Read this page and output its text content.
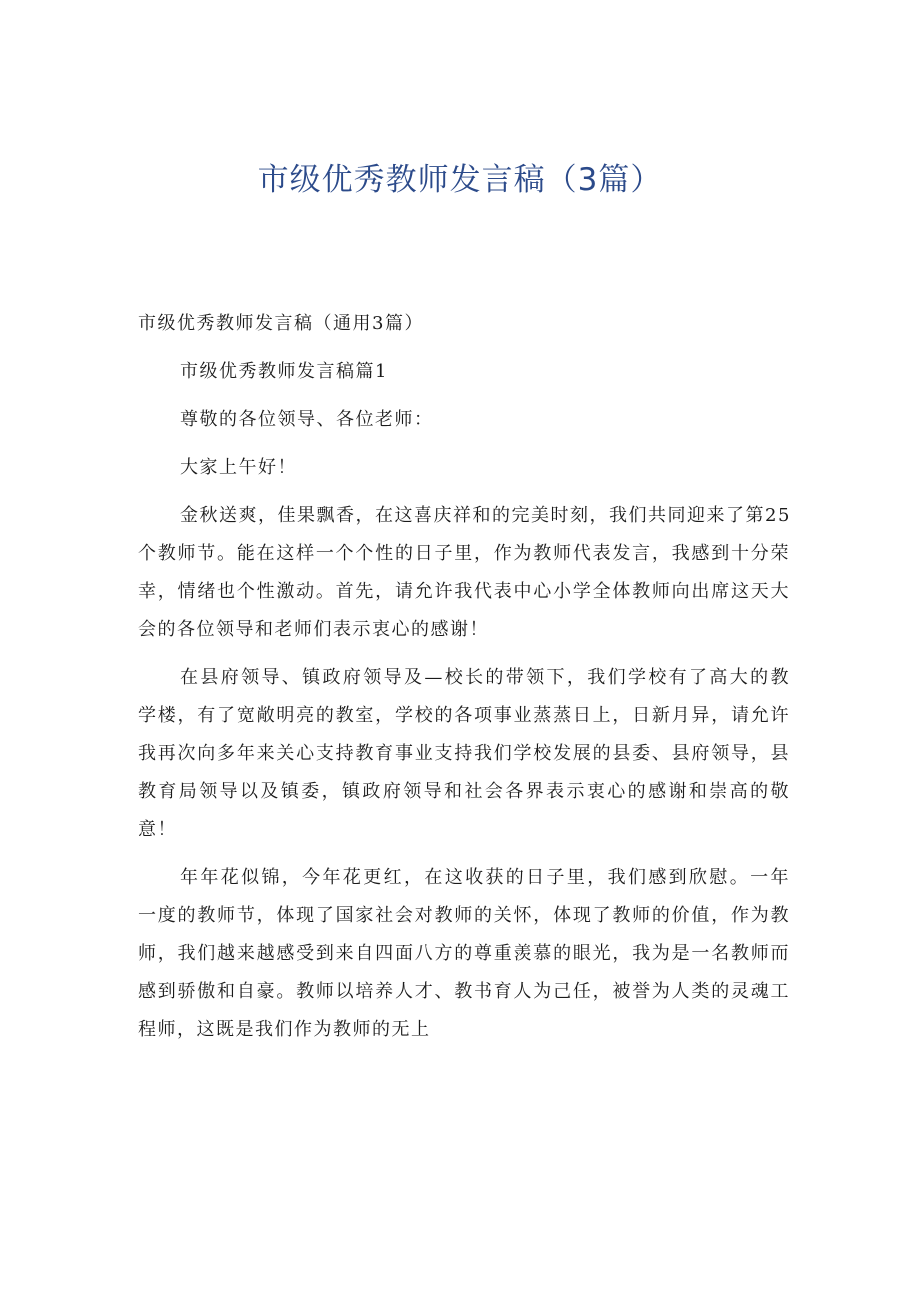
市级优秀教师发言稿（3篇）
市级优秀教师发言稿（通用3篇）
市级优秀教师发言稿篇1
尊敬的各位领导、各位老师：
大家上午好！
金秋送爽，佳果飘香，在这喜庆祥和的完美时刻，我们共同迎来了第25
个教师节。能在这样一个个性的日子里，作为教师代表发言，我感到十分荣
幸，情绪也个性激动。首先，请允许我代表中心小学全体教师向出席这天大
会的各位领导和老师们表示衷心的感谢！
在县府领导、镇政府领导及—校长的带领下，我们学校有了高大的教
学楼，有了宽敞明亮的教室，学校的各项事业蒸蒸日上，日新月异，请允许
我再次向多年来关心支持教育事业支持我们学校发展的县委、县府领导，县
教育局领导以及镇委，镇政府领导和社会各界表示衷心的感谢和崇高的敬
意！
年年花似锦，今年花更红，在这收获的日子里，我们感到欣慰。一年
一度的教师节，体现了国家社会对教师的关怀，体现了教师的价值，作为教
师，我们越来越感受到来自四面八方的尊重羡慕的眼光，我为是一名教师而
感到骄傲和自豪。教师以培养人才、教书育人为己任，被誉为人类的灵魂工
程师，这既是我们作为教师的无上
